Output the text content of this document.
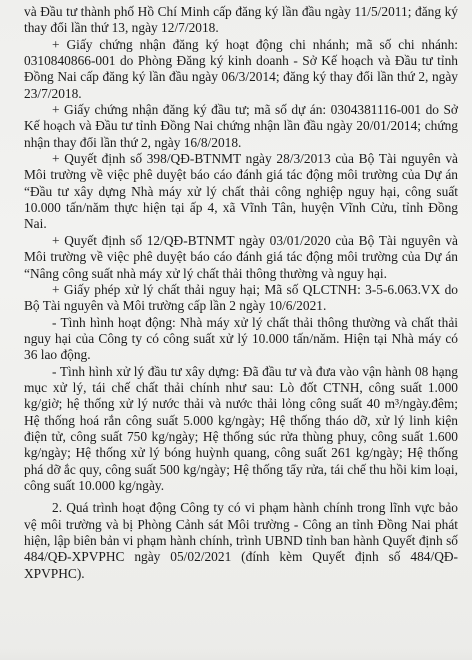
và Đầu tư thành phố Hồ Chí Minh cấp đăng ký lần đầu ngày 11/5/2011; đăng ký thay đổi lần thứ 13, ngày 12/7/2018.

+ Giấy chứng nhận đăng ký hoạt động chi nhánh; mã số chi nhánh: 0310840866-001 do Phòng Đăng ký kinh doanh - Sở Kế hoạch và Đầu tư tỉnh Đồng Nai cấp đăng ký lần đầu ngày 06/3/2014; đăng ký thay đổi lần thứ 2, ngày 23/7/2018.

+ Giấy chứng nhận đăng ký đầu tư; mã số dự án: 0304381116-001 do Sở Kế hoạch và Đầu tư tỉnh Đồng Nai chứng nhận lần đầu ngày 20/01/2014; chứng nhận thay đổi lần thứ 2, ngày 16/8/2018.

+ Quyết định số 398/QĐ-BTNMT ngày 28/3/2013 của Bộ Tài nguyên và Môi trường về việc phê duyệt báo cáo đánh giá tác động môi trường của Dự án “Đầu tư xây dựng Nhà máy xử lý chất thải công nghiệp nguy hại, công suất 10.000 tấn/năm thực hiện tại ấp 4, xã Vĩnh Tân, huyện Vĩnh Cửu, tỉnh Đồng Nai.

+ Quyết định số 12/QĐ-BTNMT ngày 03/01/2020 của Bộ Tài nguyên và Môi trường về việc phê duyệt báo cáo đánh giá tác động môi trường của Dự án “Nâng công suất nhà máy xử lý chất thải thông thường và nguy hại.

+ Giấy phép xử lý chất thải nguy hại; Mã số QLCTNH: 3-5-6.063.VX do Bộ Tài nguyên và Môi trường cấp lần 2 ngày 10/6/2021.

- Tình hình hoạt động: Nhà máy xử lý chất thải thông thường và chất thải nguy hại của Công ty có công suất xử lý 10.000 tấn/năm. Hiện tại Nhà máy có 36 lao động.

- Tình hình xử lý đầu tư xây dựng: Đã đầu tư và đưa vào vận hành 08 hạng mục xử lý, tái chế chất thải chính như sau: Lò đốt CTNH, công suất 1.000 kg/giờ; hệ thống xử lý nước thải và nước thải lỏng công suất 40 m³/ngày.đêm; Hệ thống hoá rắn công suất 5.000 kg/ngày; Hệ thống tháo dỡ, xử lý linh kiện điện tử, công suất 750 kg/ngày; Hệ thống súc rửa thùng phuy, công suất 1.600 kg/ngày; Hệ thống xử lý bóng huỳnh quang, công suất 261 kg/ngày; Hệ thống phá dỡ ắc quy, công suất 500 kg/ngày; Hệ thống tẩy rửa, tái chế thu hồi kim loại, công suất 10.000 kg/ngày.

2. Quá trình hoạt động Công ty có vi phạm hành chính trong lĩnh vực bảo vệ môi trường và bị Phòng Cảnh sát Môi trường - Công an tỉnh Đồng Nai phát hiện, lập biên bản vi phạm hành chính, trình UBND tỉnh ban hành Quyết định số 484/QĐ-XPVPHC ngày 05/02/2021 (đính kèm Quyết định số 484/QĐ-XPVPHC).
